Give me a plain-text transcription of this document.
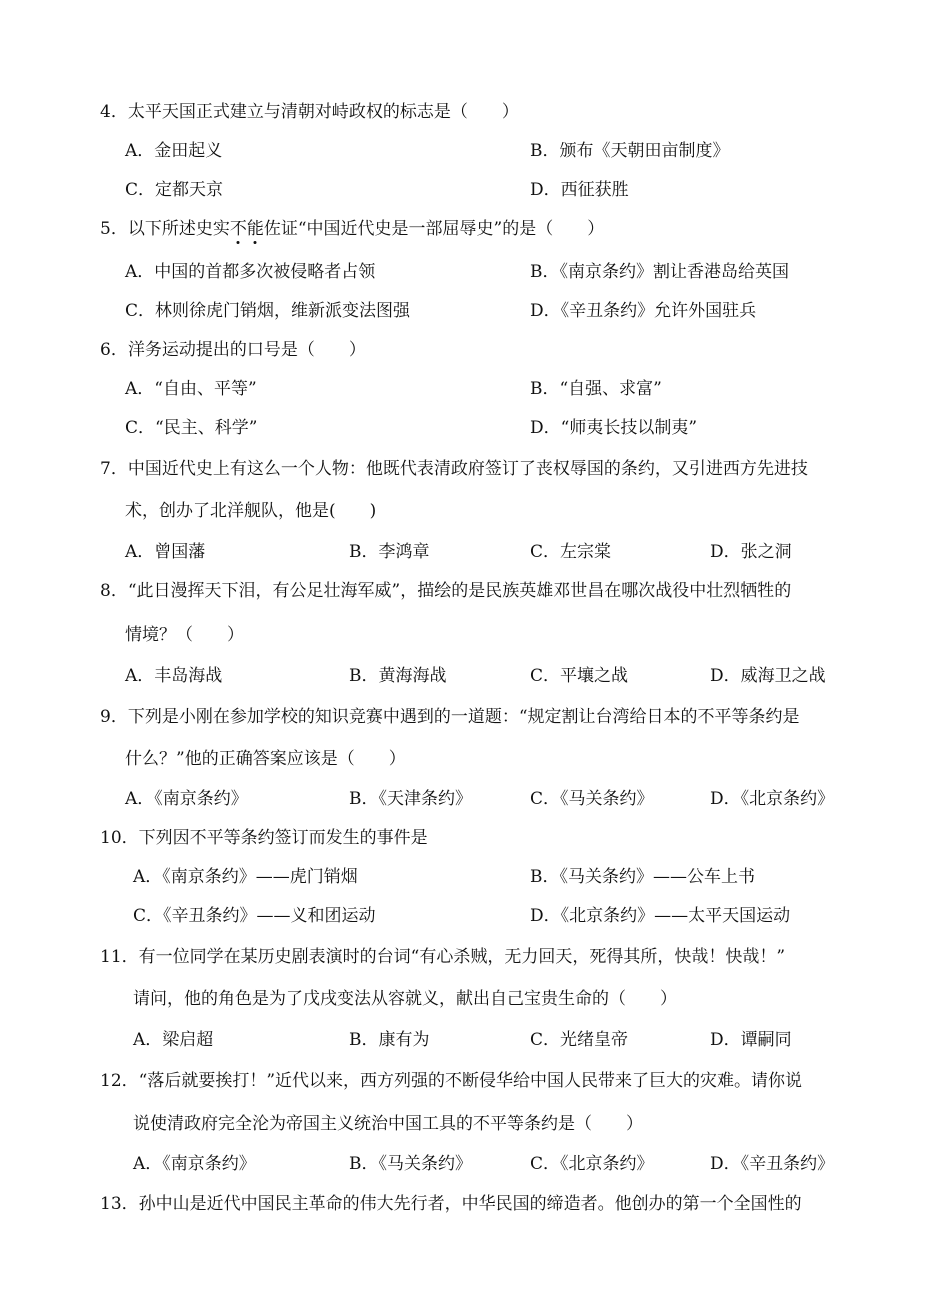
4．太平天国正式建立与清朝对峙政权的标志是（　　）
A．金田起义	B．颁布《天朝田亩制度》
C．定都天京	D．西征获胜
5．以下所述史实不能佐证“中国近代史是一部屈辱史”的是（　　）
A．中国的首都多次被侵略者占领	B．《南京条约》割让香港岛给英国
C．林则徐虎门销烟，维新派变法图强	D．《辛丑条约》允许外国驻兵
6．洋务运动提出的口号是（　　）
A．“自由、平等”	B．“自强、求富”
C．“民主、科学”	D．“师夷长技以制夷”
7．中国近代史上有这么一个人物：他既代表清政府签订了丧权辱国的条约，又引进西方先进技
术，创办了北洋舰队，他是(　　)
A．曾国藩	B．李鸿章	C．左宗棠	D．张之洞
8．“此日漫挥天下泪，有公足壮海军威”，描绘的是民族英雄邓世昌在哪次战役中壮烈牺牲的
情境？（　　）
A．丰岛海战	B．黄海海战	C．平壤之战	D．威海卫之战
9．下列是小刚在参加学校的知识竞赛中遇到的一道题：“规定割让台湾给日本的不平等条约是
什么？”他的正确答案应该是（　　）
A．《南京条约》	B．《天津条约》	C．《马关条约》	D．《北京条约》
10．下列因不平等条约签订而发生的事件是
A．《南京条约》——虎门销烟	B．《马关条约》——公车上书
C．《辛丑条约》——义和团运动	D．《北京条约》——太平天国运动
11．有一位同学在某历史剧表演时的台词“有心杀贼，无力回天，死得其所，快哉！快哉！”
请问，他的角色是为了戊戌变法从容就义，献出自己宝贵生命的（　　）
A．梁启超	B．康有为	C．光绪皇帝	D．谭嗣同
12．“落后就要挨打！”近代以来，西方列强的不断侵华给中国人民带来了巨大的灾难。请你说
说使清政府完全沦为帝国主义统治中国工具的不平等条约是（　　）
A．《南京条约》	B．《马关条约》	C．《北京条约》	D．《辛丑条约》
13．孙中山是近代中国民主革命的伟大先行者，中华民国的缔造者。他创办的第一个全国性的
